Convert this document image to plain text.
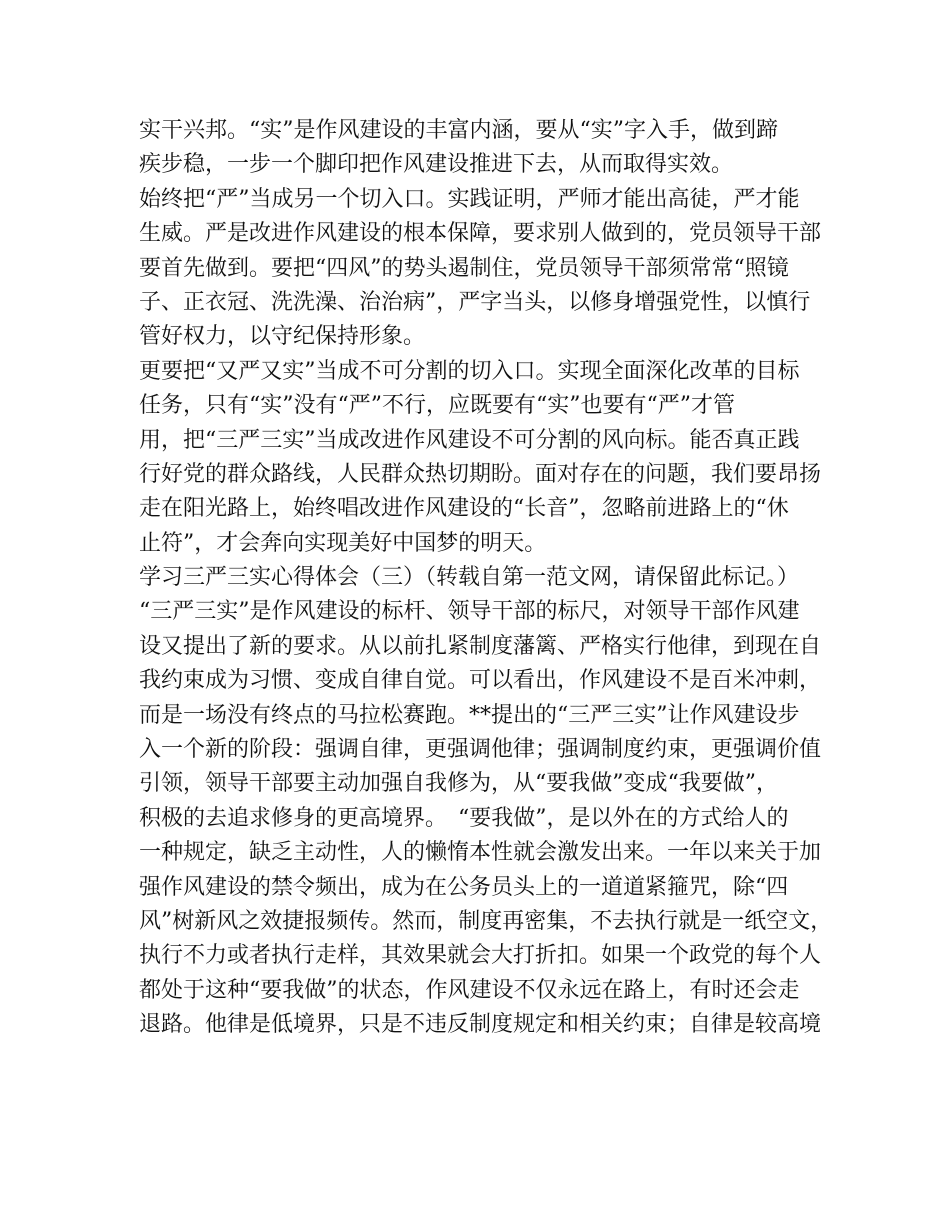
实干兴邦。“实”是作风建设的丰富内涵，要从“实”字入手，做到蹄
疾步稳，一步一个脚印把作风建设推进下去，从而取得实效。
始终把“严”当成另一个切入口。实践证明，严师才能出高徒，严才能
生威。严是改进作风建设的根本保障，要求别人做到的，党员领导干部
要首先做到。要把“四风”的势头遏制住，党员领导干部须常常“照镜
子、正衣冠、洗洗澡、治治病”，严字当头，以修身增强党性，以慎行
管好权力，以守纪保持形象。
更要把“又严又实”当成不可分割的切入口。实现全面深化改革的目标
任务，只有“实”没有“严”不行，应既要有“实”也要有“严”才管
用，把“三严三实”当成改进作风建设不可分割的风向标。能否真正践
行好党的群众路线，人民群众热切期盼。面对存在的问题，我们要昂扬
走在阳光路上，始终唱改进作风建设的“长音”，忽略前进路上的“休
止符”，才会奔向实现美好中国梦的明天。
学习三严三实心得体会（三）（转载自第一范文网，请保留此标记。）
“三严三实”是作风建设的标杆、领导干部的标尺，对领导干部作风建
设又提出了新的要求。从以前扎紧制度藩篱、严格实行他律，到现在自
我约束成为习惯、变成自律自觉。可以看出，作风建设不是百米冲刺，
而是一场没有终点的马拉松赛跑。**提出的“三严三实”让作风建设步
入一个新的阶段：强调自律，更强调他律；强调制度约束，更强调价值
引领，领导干部要主动加强自我修为，从“要我做”变成“我要做”，
积极的去追求修身的更高境界。　“要我做”，是以外在的方式给人的
一种规定，缺乏主动性，人的懒惰本性就会激发出来。一年以来关于加
强作风建设的禁令频出，成为在公务员头上的一道道紧箍咒，除“四
风”树新风之效捷报频传。然而，制度再密集，不去执行就是一纸空文，
执行不力或者执行走样，其效果就会大打折扣。如果一个政党的每个人
都处于这种“要我做”的状态，作风建设不仅永远在路上，有时还会走
退路。他律是低境界，只是不违反制度规定和相关约束；自律是较高境
